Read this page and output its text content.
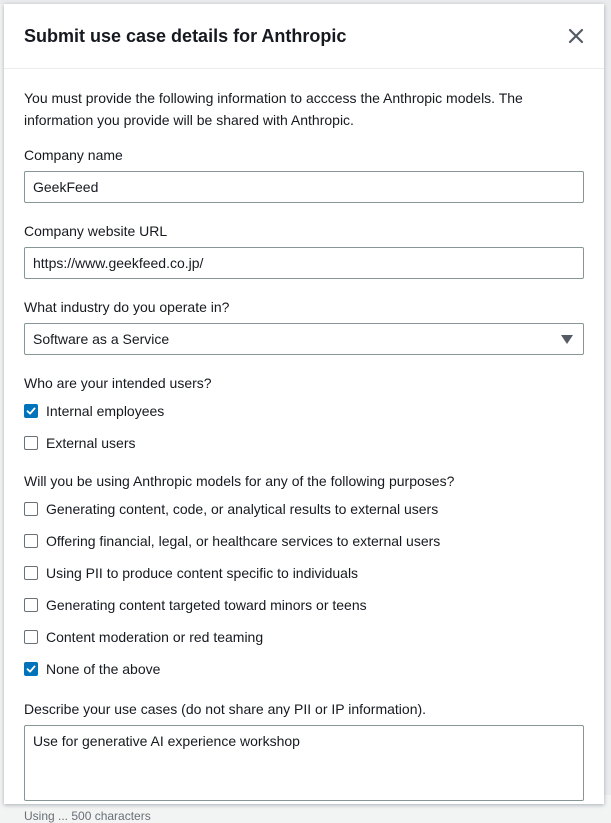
Submit use case details for Anthropic

You must provide the following information to acccess the Anthropic models. The information you provide will be shared with Anthropic.

Company name
GeekFeed
Company website URL
https://www.geekfeed.co.jp/
What industry do you operate in?
Software as a Service
Who are your intended users?
Internal employees
External users
Will you be using Anthropic models for any of the following purposes?
Generating content, code, or analytical results to external users
Offering financial, legal, or healthcare services to external users
Using PII to produce content specific to individuals
Generating content targeted toward minors or teens
Content moderation or red teaming
None of the above
Describe your use cases (do not share any PII or IP information).
Use for generative AI experience workshop
Using ... 500 characters
